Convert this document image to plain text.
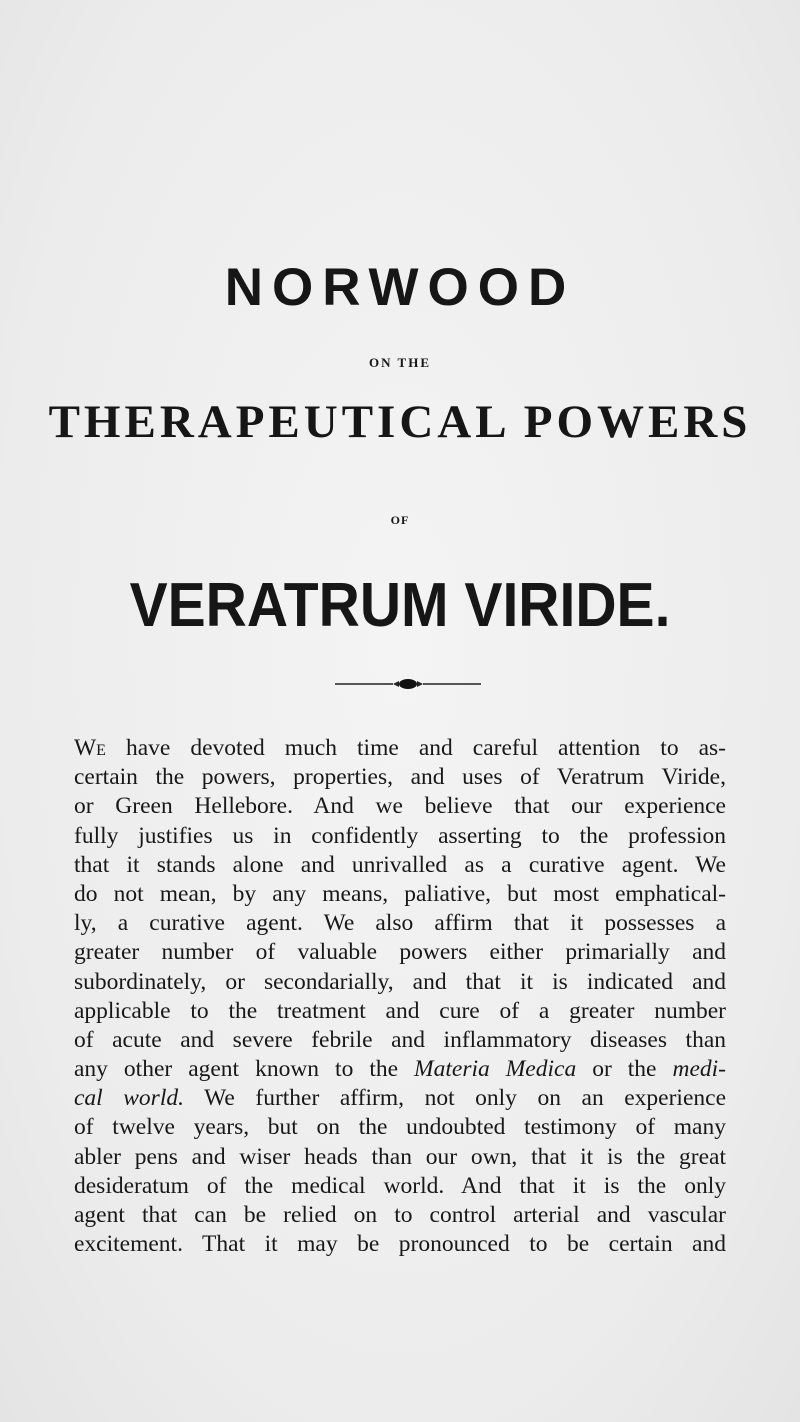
NORWOOD
ON THE
THERAPEUTICAL POWERS
OF
VERATRUM VIRIDE.
We have devoted much time and careful attention to as-
certain the powers, properties, and uses of Veratrum Viride,
or Green Hellebore. And we believe that our experience
fully justifies us in confidently asserting to the profession
that it stands alone and unrivalled as a curative agent. We
do not mean, by any means, paliative, but most emphatical-
ly, a curative agent. We also affirm that it possesses a
greater number of valuable powers either primarially and
subordinately, or secondarially, and that it is indicated and
applicable to the treatment and cure of a greater number
of acute and severe febrile and inflammatory diseases than
any other agent known to the Materia Medica or the medi-
cal world. We further affirm, not only on an experience
of twelve years, but on the undoubted testimony of many
abler pens and wiser heads than our own, that it is the great
desideratum of the medical world. And that it is the only
agent that can be relied on to control arterial and vascular
excitement. That it may be pronounced to be certain and
